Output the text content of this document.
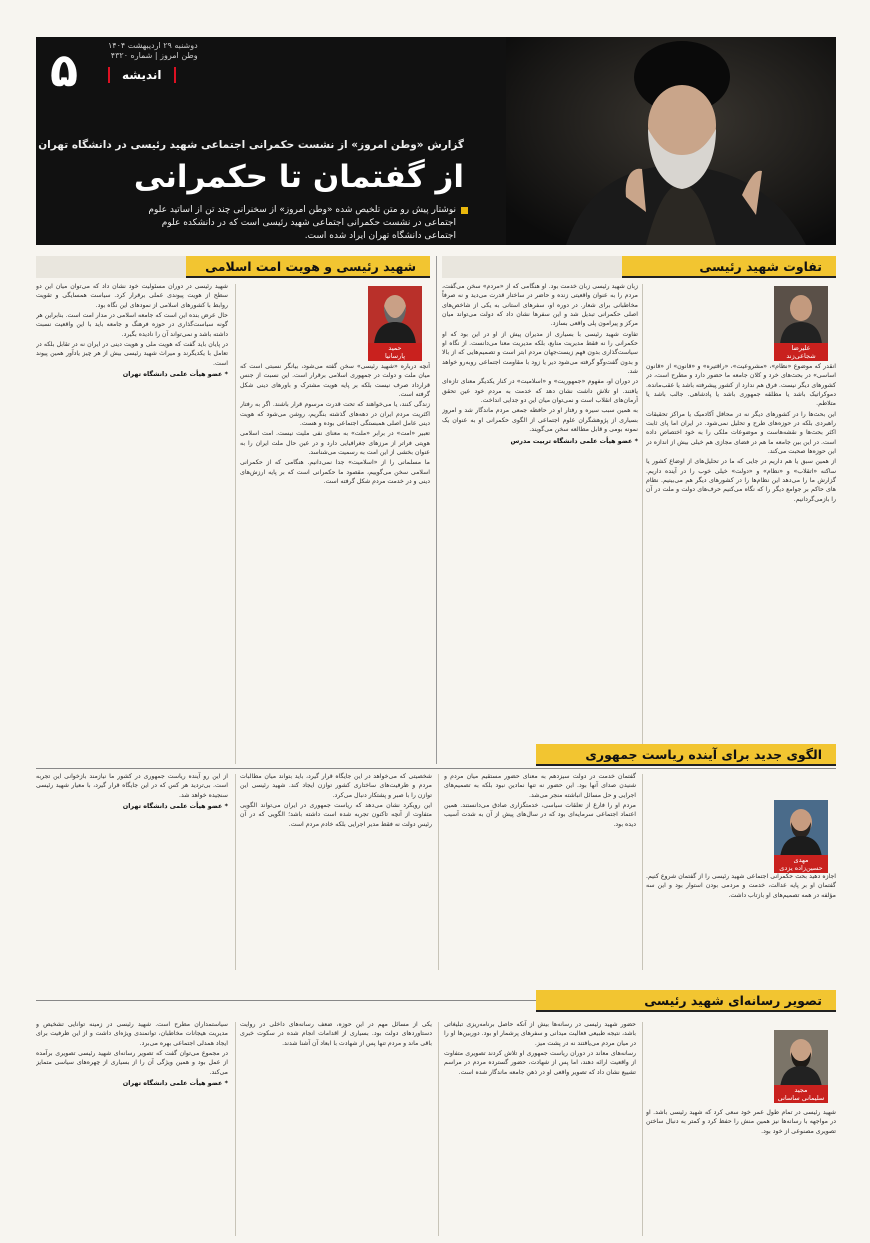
۵	دوشنبه ۲۹ اردیبهشت ۱۴۰۴
وطن امروز | شماره ۴۳۲۰
اندیشه
گزارش «وطن امروز» از نشست حکمرانی اجتماعی شهید رئیسی در دانشگاه تهران
از گفتمان تا حکمرانی
نوشتار پیش رو متن تلخیص شده «وطن امروز» از سخنرانی چند تن از اساتید علوم اجتماعی در نشست حکمرانی اجتماعی شهید رئیسی است که در دانشکده علوم اجتماعی دانشگاه تهران ایراد شده است.
تفاوت شهید رئیسی
علیرضا
شجاعی‌زند

انقدر که موضوع «نظام»، «مشروعیت»، «راقتیره» و «قانون» از «قانون اساسی» در بحث‌های خرد و کلان جامعه ما حضور دارد و مطرح است، در کشورهای دیگر نیست. فرق هم ندارد از کشور پیشرفته باشد یا عقب‌مانده. دموکراتیک باشد یا مطلقه جمهوری باشد یا پادشاهی. جالب باشد یا متلاطم.

این بحث‌ها را در کشورهای دیگر نه در محافل آکادمیک یا مراکز تحقیقات راهبردی بلکه در حوزه‌های طرح و تحلیل نمی‌شود. در ایران اما پای ثابت اکثر بحث‌ها و نقشه‌هاست و موضوعات ملکی را به خود اختصاص داده است. در این بین جامعه ما هم در فضای مجازی هم خیلی بیش از اندازه در این حوزه‌ها صحبت می‌کند.

از همین سبق یا هم داریم در جایی که ما در تحلیل‌های از اوضاع کشور یا ساکنه «اتقلاب» و «نظام» و «دولت» خیلی خوب را در آینده داریم. گزارش ما را می‌دهد این نظام‌ها را در کشورهای دیگر هم می‌بینیم. نظام های حاکم بر جوامع دیگر را که نگاه می‌کنیم حرف‌های دولت و ملت در آن را بازمی‌گردانیم.

زبان شهید رئیسی زبان خدمت بود. او هنگامی که از «مردم» سخن می‌گفت، مردم را به عنوان واقعیتی زنده و حاضر در ساختار قدرت می‌دید و نه صرفاً مخاطبانی برای شعار. در دوره او، سفرهای استانی به یکی از شاخص‌های اصلی حکمرانی تبدیل شد و این سفرها نشان داد که دولت می‌تواند میان مرکز و پیرامون پلی واقعی بسازد.

تفاوت شهید رئیسی با بسیاری از مدیران پیش از او در این بود که او حکمرانی را نه فقط مدیریت منابع، بلکه مدیریت معنا می‌دانست. از نگاه او سیاست‌گذاری بدون فهم زیست‌جهان مردم ابتر است و تصمیم‌هایی که از بالا و بدون گفت‌وگو گرفته می‌شود دیر یا زود با مقاومت اجتماعی روبه‌رو خواهد شد.

در دوران او، مفهوم «جمهوریت» و «اسلامیت» در کنار یکدیگر معنای تازه‌ای یافتند. او تلاش داشت نشان دهد که خدمت به مردم خود عین تحقق آرمان‌های انقلاب است و نمی‌توان میان این دو جدایی انداخت.

به همین سبب سیره و رفتار او در حافظه جمعی مردم ماندگار شد و امروز بسیاری از پژوهشگران علوم اجتماعی از الگوی حکمرانی او به عنوان یک نمونه بومی و قابل مطالعه سخن می‌گویند.

* عضو هیأت علمی دانشگاه تربیت مدرس
شهید رئیسی و هویت امت اسلامی
حمید
پارسانیا

آنچه درباره «شهید رئیسی» سخن گفته می‌شود، بیانگر نسبتی است که میان ملت و دولت در جمهوری اسلامی برقرار است. این نسبت از جنس قرارداد صرف نیست بلکه بر پایه هویت مشترک و باورهای دینی شکل گرفته است.

زندگی کنند، یا می‌خواهند که تحت قدرت مرسوم قرار باشند. اگر به رفتار اکثریت مردم ایران در دهه‌های گذشته بنگریم، روشن می‌شود که هویت دینی عامل اصلی همبستگی اجتماعی بوده و هست.

تعبیر «امت» در برابر «ملت» به معنای نفی ملیت نیست. امت اسلامی هویتی فراتر از مرزهای جغرافیایی دارد و در عین حال ملت ایران را به عنوان بخشی از این امت به رسمیت می‌شناسد.

ما مسلمانی را از «اسلامیت» جدا نمی‌دانیم. هنگامی که از حکمرانی اسلامی سخن می‌گوییم، مقصود ما حکمرانی است که بر پایه ارزش‌های دینی و در خدمت مردم شکل گرفته است.

شهید رئیسی در دوران مسئولیت خود نشان داد که می‌توان میان این دو سطح از هویت پیوندی عملی برقرار کرد. سیاست همسایگی و تقویت روابط با کشورهای اسلامی از نمودهای این نگاه بود.

حال عرض بنده این است که جامعه اسلامی در مدار امت است. بنابراین هر گونه سیاست‌گذاری در حوزه فرهنگ و جامعه باید با این واقعیت نسبت داشته باشد و نمی‌تواند آن را نادیده بگیرد.

در پایان باید گفت که هویت ملی و هویت دینی در ایران نه در تقابل بلکه در تعامل با یکدیگرند و میراث شهید رئیسی بیش از هر چیز یادآور همین پیوند است.

* عضو هیأت علمی دانشگاه تهران
الگوی جدید برای آینده ریاست جمهوری
مهدی
حسین‌زاده یزدی

اجازه دهید بحث حکمرانی اجتماعی شهید رئیسی را از گفتمان شروع کنیم. گفتمان او بر پایه عدالت، خدمت و مردمی بودن استوار بود و این سه مؤلفه در همه تصمیم‌های او بازتاب داشت.

گفتمان خدمت در دولت سیزدهم به معنای حضور مستقیم میان مردم و شنیدن صدای آنها بود. این حضور نه تنها نمادین نبود بلکه به تصمیم‌های اجرایی و حل مسائل انباشته منجر می‌شد.

مردم او را فارغ از تعلقات سیاسی، خدمتگزاری صادق می‌دانستند. همین اعتماد اجتماعی سرمایه‌ای بود که در سال‌های پیش از آن به شدت آسیب دیده بود.

شخصیتی که می‌خواهد در این جایگاه قرار گیرد، باید بتواند میان مطالبات مردم و ظرفیت‌های ساختاری کشور توازن ایجاد کند. شهید رئیسی این توازن را با صبر و پشتکار دنبال می‌کرد.

این رویکرد نشان می‌دهد که ریاست جمهوری در ایران می‌تواند الگویی متفاوت از آنچه تاکنون تجربه شده است داشته باشد؛ الگویی که در آن رئیس دولت نه فقط مدیر اجرایی بلکه خادم مردم است.

از این رو آینده ریاست جمهوری در کشور ما نیازمند بازخوانی این تجربه است. بی‌تردید هر کس که در این جایگاه قرار گیرد، با معیار شهید رئیسی سنجیده خواهد شد.

* عضو هیأت علمی دانشگاه تهران
تصویر رسانه‌ای شهید رئیسی
مجید
سلیمانی ساسانی

شهید رئیسی در تمام طول عمر خود سعی کرد که شهید رئیسی باشد. او در مواجهه با رسانه‌ها نیز همین منش را حفظ کرد و کمتر به دنبال ساختن تصویری مصنوعی از خود بود.

حضور شهید رئیسی در رسانه‌ها بیش از آنکه حاصل برنامه‌ریزی تبلیغاتی باشد، نتیجه طبیعی فعالیت میدانی و سفرهای پرشمار او بود. دوربین‌ها او را در میان مردم می‌یافتند نه در پشت میز.

رسانه‌های معاند در دوران ریاست جمهوری او تلاش کردند تصویری متفاوت از واقعیت ارائه دهند، اما پس از شهادت، حضور گسترده مردم در مراسم تشییع نشان داد که تصویر واقعی او در ذهن جامعه ماندگار شده است.

یکی از مسائل مهم در این حوزه، ضعف رسانه‌های داخلی در روایت دستاوردهای دولت بود. بسیاری از اقدامات انجام شده در سکوت خبری باقی ماند و مردم تنها پس از شهادت با ابعاد آن آشنا شدند.

سیاستمداران مطرح است. شهید رئیسی در زمینه توانایی تشخیص و مدیریت هیجانات مخاطبان، توانمندی ویژه‌ای داشت و از این ظرفیت برای ایجاد همدلی اجتماعی بهره می‌برد.

در مجموع می‌توان گفت که تصویر رسانه‌ای شهید رئیسی تصویری برآمده از عمل بود و همین ویژگی آن را از بسیاری از چهره‌های سیاسی متمایز می‌کند.

* عضو هیأت علمی دانشگاه تهران
